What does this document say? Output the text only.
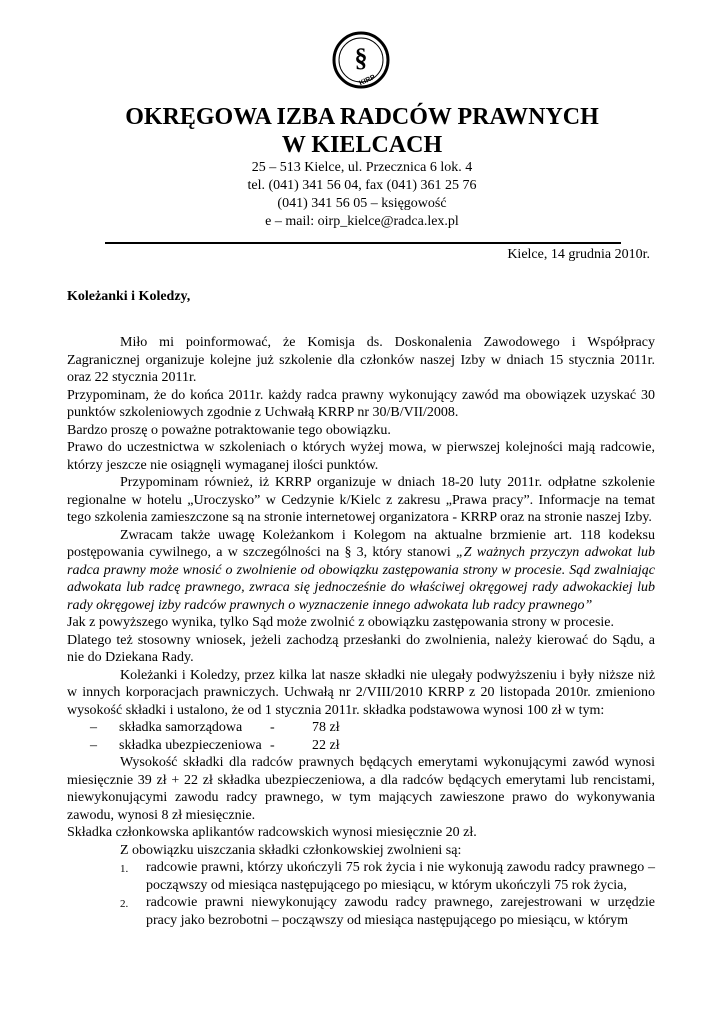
§
KIRP
OKRĘGOWA IZBA RADCÓW PRAWNYCH
W KIELCACH
25 – 513 Kielce, ul. Przecznica 6 lok. 4
tel. (041) 341 56 04, fax (041) 361 25 76
(041) 341 56 05 – księgowość
e – mail: oirp_kielce@radca.lex.pl
Kielce, 14 grudnia 2010r.
Koleżanki i Koledzy,

Miło mi poinformować, że Komisja ds. Doskonalenia Zawodowego i Współpracy Zagranicznej organizuje kolejne już szkolenie dla członków naszej Izby w dniach 15 stycznia 2011r. oraz 22 stycznia 2011r.

Przypominam, że do końca 2011r. każdy radca prawny wykonujący zawód ma obowiązek uzyskać 30 punktów szkoleniowych zgodnie z Uchwałą KRRP nr 30/B/VII/2008.

Bardzo proszę o poważne potraktowanie tego obowiązku.

Prawo do uczestnictwa w szkoleniach o których wyżej mowa, w pierwszej kolejności mają radcowie, którzy jeszcze nie osiągnęli wymaganej ilości punktów.

Przypominam również, iż KRRP organizuje w dniach 18-20 luty 2011r. odpłatne szkolenie regionalne w hotelu „Uroczysko” w Cedzynie k/Kielc z zakresu „Prawa pracy”. Informacje na temat tego szkolenia zamieszczone są na stronie internetowej organizatora - KRRP oraz na stronie naszej Izby.

Zwracam także uwagę Koleżankom i Kolegom na aktualne brzmienie art. 118 kodeksu postępowania cywilnego, a w szczególności na § 3, który stanowi „Z ważnych przyczyn adwokat lub radca prawny może wnosić o zwolnienie od obowiązku zastępowania strony w procesie. Sąd zwalniając adwokata lub radcę prawnego, zwraca się jednocześnie do właściwej okręgowej rady adwokackiej lub rady okręgowej izby radców prawnych o wyznaczenie innego adwokata lub radcy prawnego”

Jak z powyższego wynika, tylko Sąd może zwolnić z obowiązku zastępowania strony w procesie.

Dlatego też stosowny wniosek, jeżeli zachodzą przesłanki do zwolnienia, należy kierować do Sądu, a nie do Dziekana Rady.

Koleżanki i Koledzy, przez kilka lat nasze składki nie ulegały podwyższeniu i były niższe niż w innych korporacjach prawniczych. Uchwałą nr 2/VIII/2010 KRRP z 20 listopada 2010r. zmieniono wysokość składki i ustalono, że od 1 stycznia 2011r. składka podstawowa wynosi 100 zł w tym:

– składka samorządowa	-	78 zł
– składka ubezpieczeniowa -	22 zł

Wysokość składki dla radców prawnych będących emerytami wykonującymi zawód wynosi miesięcznie 39 zł + 22 zł składka ubezpieczeniowa, a dla radców będących emerytami lub rencistami, niewykonującymi zawodu radcy prawnego, w tym mających zawieszone prawo do wykonywania zawodu, wynosi 8 zł miesięcznie.

Składka członkowska aplikantów radcowskich wynosi miesięcznie 20 zł.

Z obowiązku uiszczania składki członkowskiej zwolnieni są:

1. radcowie prawni, którzy ukończyli 75 rok życia i nie wykonują zawodu radcy prawnego – począwszy od miesiąca następującego po miesiącu, w którym ukończyli 75 rok życia,
2. radcowie prawni niewykonujący zawodu radcy prawnego, zarejestrowani w urzędzie pracy jako bezrobotni – począwszy od miesiąca następującego po miesiącu, w którym
